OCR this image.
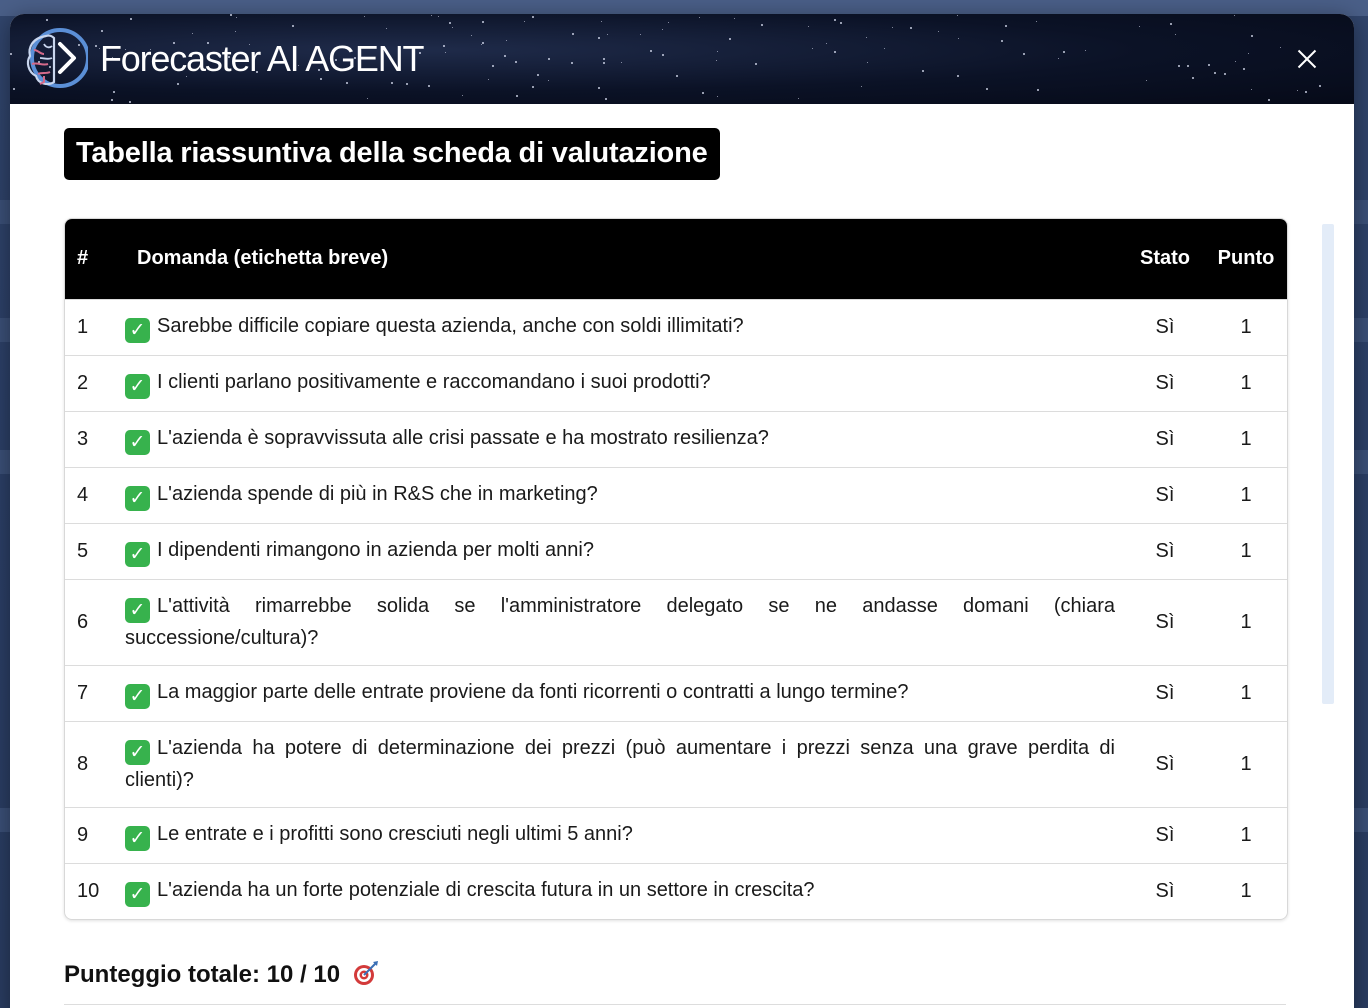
Forecaster AI AGENT
Tabella riassuntiva della scheda di valutazione
#	Domanda (etichetta breve)	Stato	Punto
1	✓ Sarebbe difficile copiare questa azienda, anche con soldi illimitati?	Sì	1
2	✓ I clienti parlano positivamente e raccomandano i suoi prodotti?	Sì	1
3	✓ L'azienda è sopravvissuta alle crisi passate e ha mostrato resilienza?	Sì	1
4	✓ L'azienda spende di più in R&S che in marketing?	Sì	1
5	✓ I dipendenti rimangono in azienda per molti anni?	Sì	1
6	✓ L'attività rimarrebbe solida se l'amministratore delegato se ne andasse domani (chiara successione/cultura)?	Sì	1
7	✓ La maggior parte delle entrate proviene da fonti ricorrenti o contratti a lungo termine?	Sì	1
8	✓ L'azienda ha potere di determinazione dei prezzi (può aumentare i prezzi senza una grave perdita di clienti)?	Sì	1
9	✓ Le entrate e i profitti sono cresciuti negli ultimi 5 anni?	Sì	1
10	✓ L'azienda ha un forte potenziale di crescita futura in un settore in crescita?	Sì	1
Punteggio totale: 10 / 10
